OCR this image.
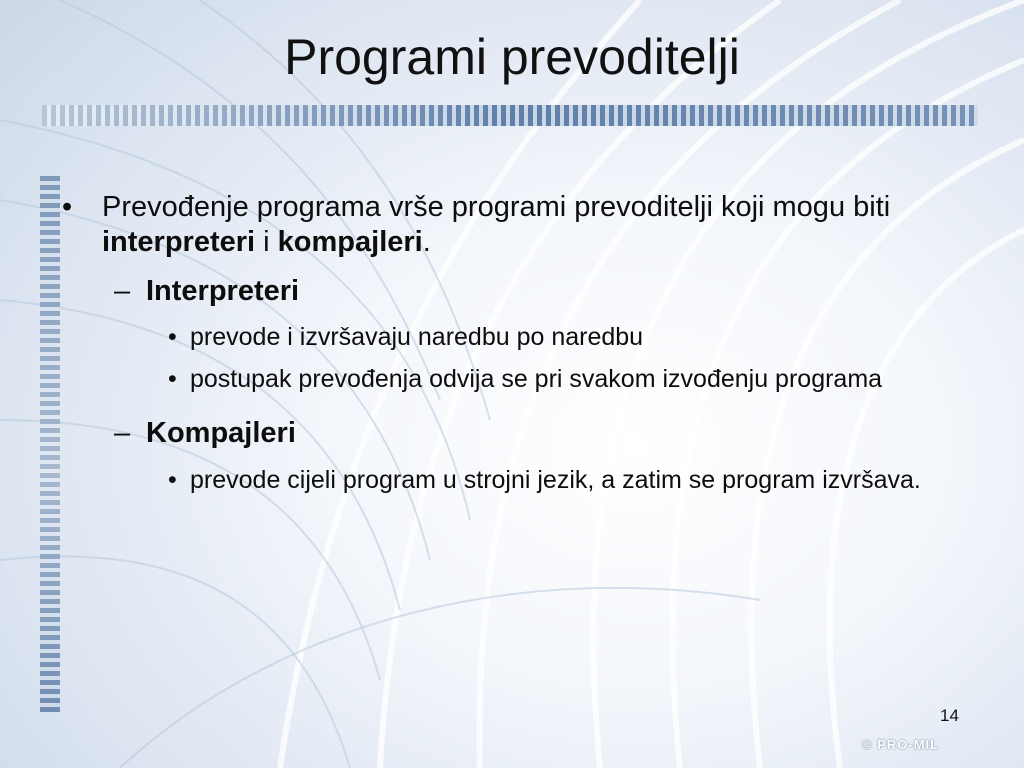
Programi prevoditelji
•	Prevođenje programa vrše programi prevoditelji koji mogu biti interpreteri i kompajleri.
– Interpreteri
• prevode i izvršavaju naredbu po naredbu
• postupak prevođenja odvija se pri svakom izvođenju programa
– Kompajleri
• prevode cijeli program u strojni jezik, a zatim se program izvršava.
14
© PRO-MIL
